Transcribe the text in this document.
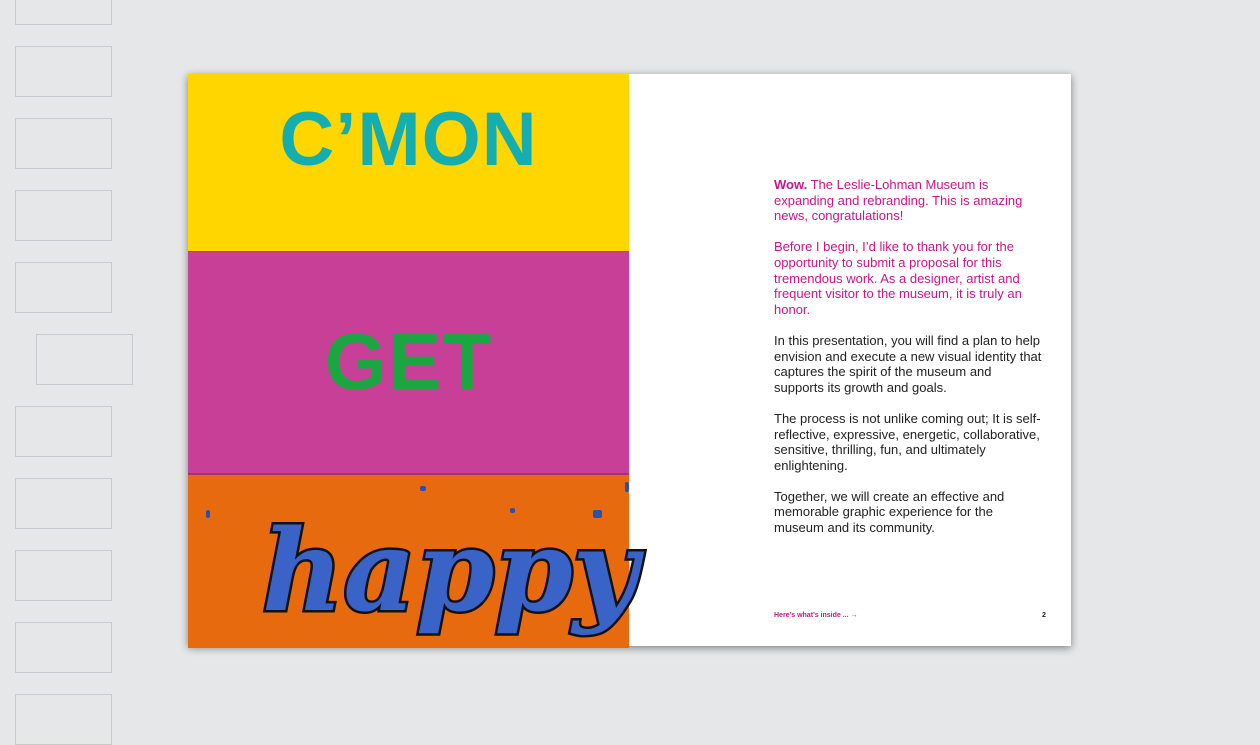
C’MON
GET
happy

Wow. The Leslie-Lohman Museum is expanding and rebranding. This is amazing news, congratulations!

Before I begin, I’d like to thank you for the opportunity to submit a proposal for this tremendous work. As a designer, artist and frequent visitor to the museum, it is truly an honor.

In this presentation, you will find a plan to help envision and execute a new visual identity that captures the spirit of the museum and supports its growth and goals.

The process is not unlike coming out; It is self-reflective, expressive, energetic, collaborative, sensitive, thrilling, fun, and ultimately enlightening.

Together, we will create an effective and memorable graphic experience for the museum and its community.

Here’s what’s inside ... →	2
